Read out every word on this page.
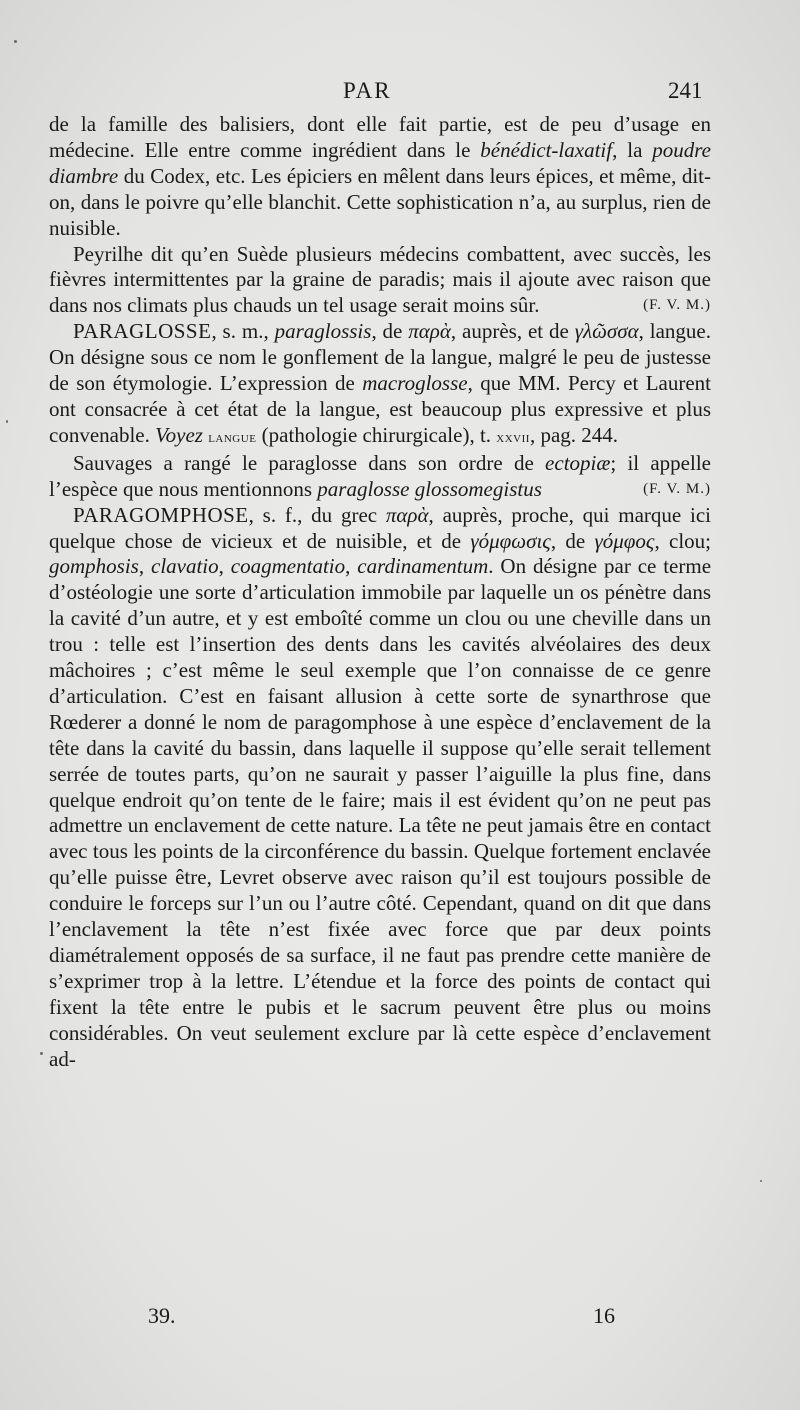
PAR	241

de la famille des balisiers, dont elle fait partie, est de peu d’usage en médecine. Elle entre comme ingrédient dans le bénédict-laxatif, la poudre diambre du Codex, etc. Les épiciers en mêlent dans leurs épices, et même, dit-on, dans le poivre qu’elle blanchit. Cette sophistication n’a, au surplus, rien de nuisible.

Peyrilhe dit qu’en Suède plusieurs médecins combattent, avec succès, les fièvres intermittentes par la graine de paradis; mais il ajoute avec raison que dans nos climats plus chauds un tel usage serait moins sûr.	(F. V. M.)

PARAGLOSSE, s. m., paraglossis, de παρὰ, auprès, et de γλῶσσα, langue. On désigne sous ce nom le gonflement de la langue, malgré le peu de justesse de son étymologie. L’expression de macroglosse, que MM. Percy et Laurent ont consacrée à cet état de la langue, est beaucoup plus expressive et plus convenable. Voyez langue (pathologie chirurgicale), t. xxvii, pag. 244.

Sauvages a rangé le paraglosse dans son ordre de ectopiæ; il appelle l’espèce que nous mentionnons paraglosse glossomegistus	(F. V. M.)

PARAGOMPHOSE, s. f., du grec παρὰ, auprès, proche, qui marque ici quelque chose de vicieux et de nuisible, et de γόμφωσις, de γόμφος, clou; gomphosis, clavatio, coagmentatio, cardinamentum. On désigne par ce terme d’ostéologie une sorte d’articulation immobile par laquelle un os pénètre dans la cavité d’un autre, et y est emboîté comme un clou ou une cheville dans un trou : telle est l’insertion des dents dans les cavités alvéolaires des deux mâchoires ; c’est même le seul exemple que l’on connaisse de ce genre d’articulation. C’est en faisant allusion à cette sorte de synarthrose que Rœderer a donné le nom de paragomphose à une espèce d’enclavement de la tête dans la cavité du bassin, dans laquelle il suppose qu’elle serait tellement serrée de toutes parts, qu’on ne saurait y passer l’aiguille la plus fine, dans quelque endroit qu’on tente de le faire; mais il est évident qu’on ne peut pas admettre un enclavement de cette nature. La tête ne peut jamais être en contact avec tous les points de la circonférence du bassin. Quelque fortement enclavée qu’elle puisse être, Levret observe avec raison qu’il est toujours possible de conduire le forceps sur l’un ou l’autre côté. Cependant, quand on dit que dans l’enclavement la tête n’est fixée avec force que par deux points diamétralement opposés de sa surface, il ne faut pas prendre cette manière de s’exprimer trop à la lettre. L’étendue et la force des points de contact qui fixent la tête entre le pubis et le sacrum peuvent être plus ou moins considérables. On veut seulement exclure par là cette espèce d’enclavement ad-

39.	16
